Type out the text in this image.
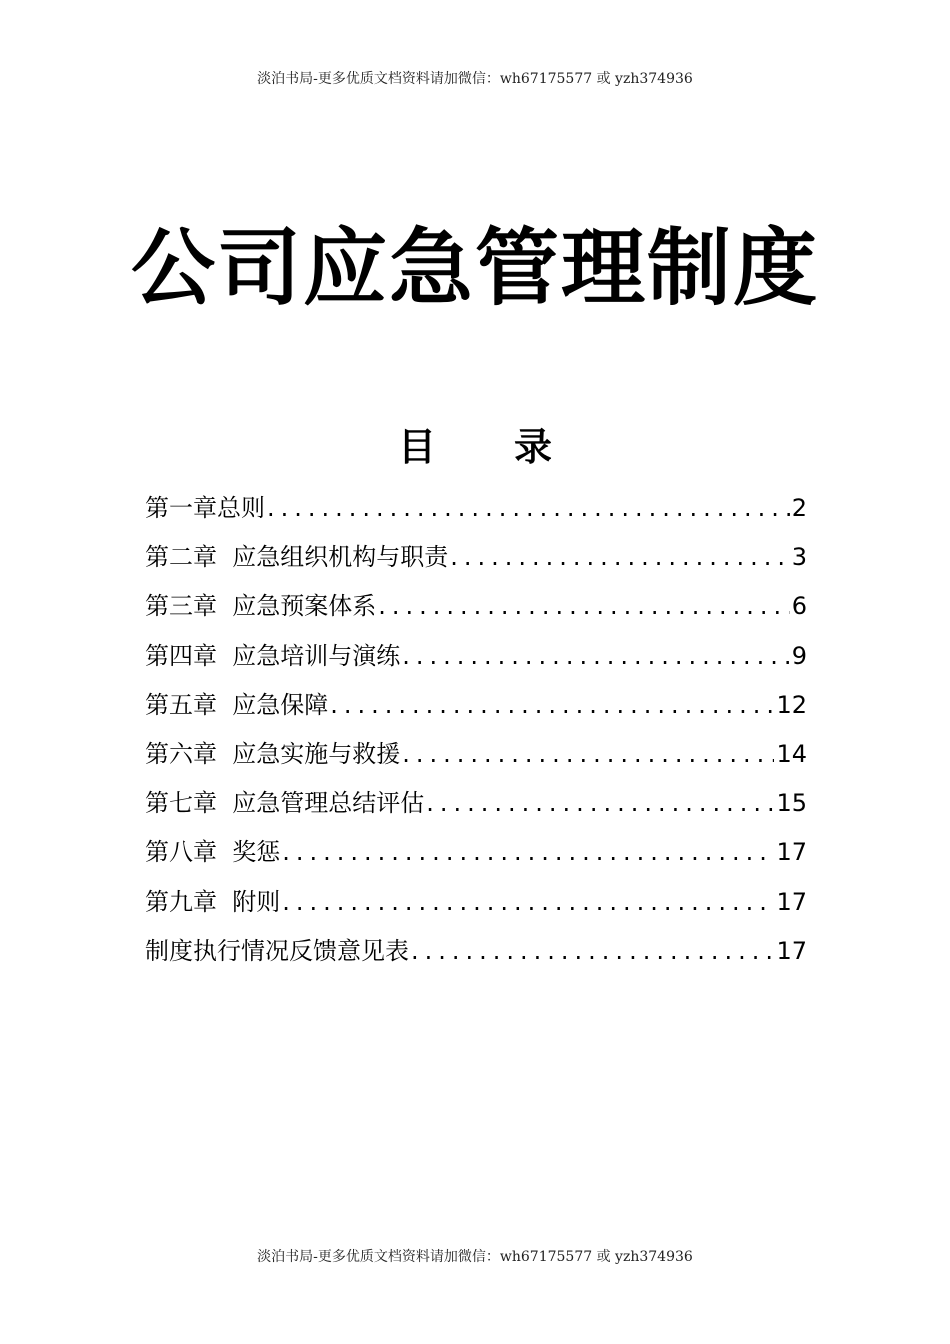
淡泊书局-更多优质文档资料请加微信：wh67175577 或 yzh374936
公司应急管理制度
目 录
第一章总则 .....	2
第二章  应急组织机构与职责 .....	3
第三章  应急预案体系 .....	6
第四章  应急培训与演练 .....	9
第五章  应急保障 .....	12
第六章  应急实施与救援 .....	14
第七章  应急管理总结评估 .....	15
第八章  奖惩 .....	17
第九章  附则 .....	17
制度执行情况反馈意见表 .....	17
淡泊书局-更多优质文档资料请加微信：wh67175577 或 yzh374936
